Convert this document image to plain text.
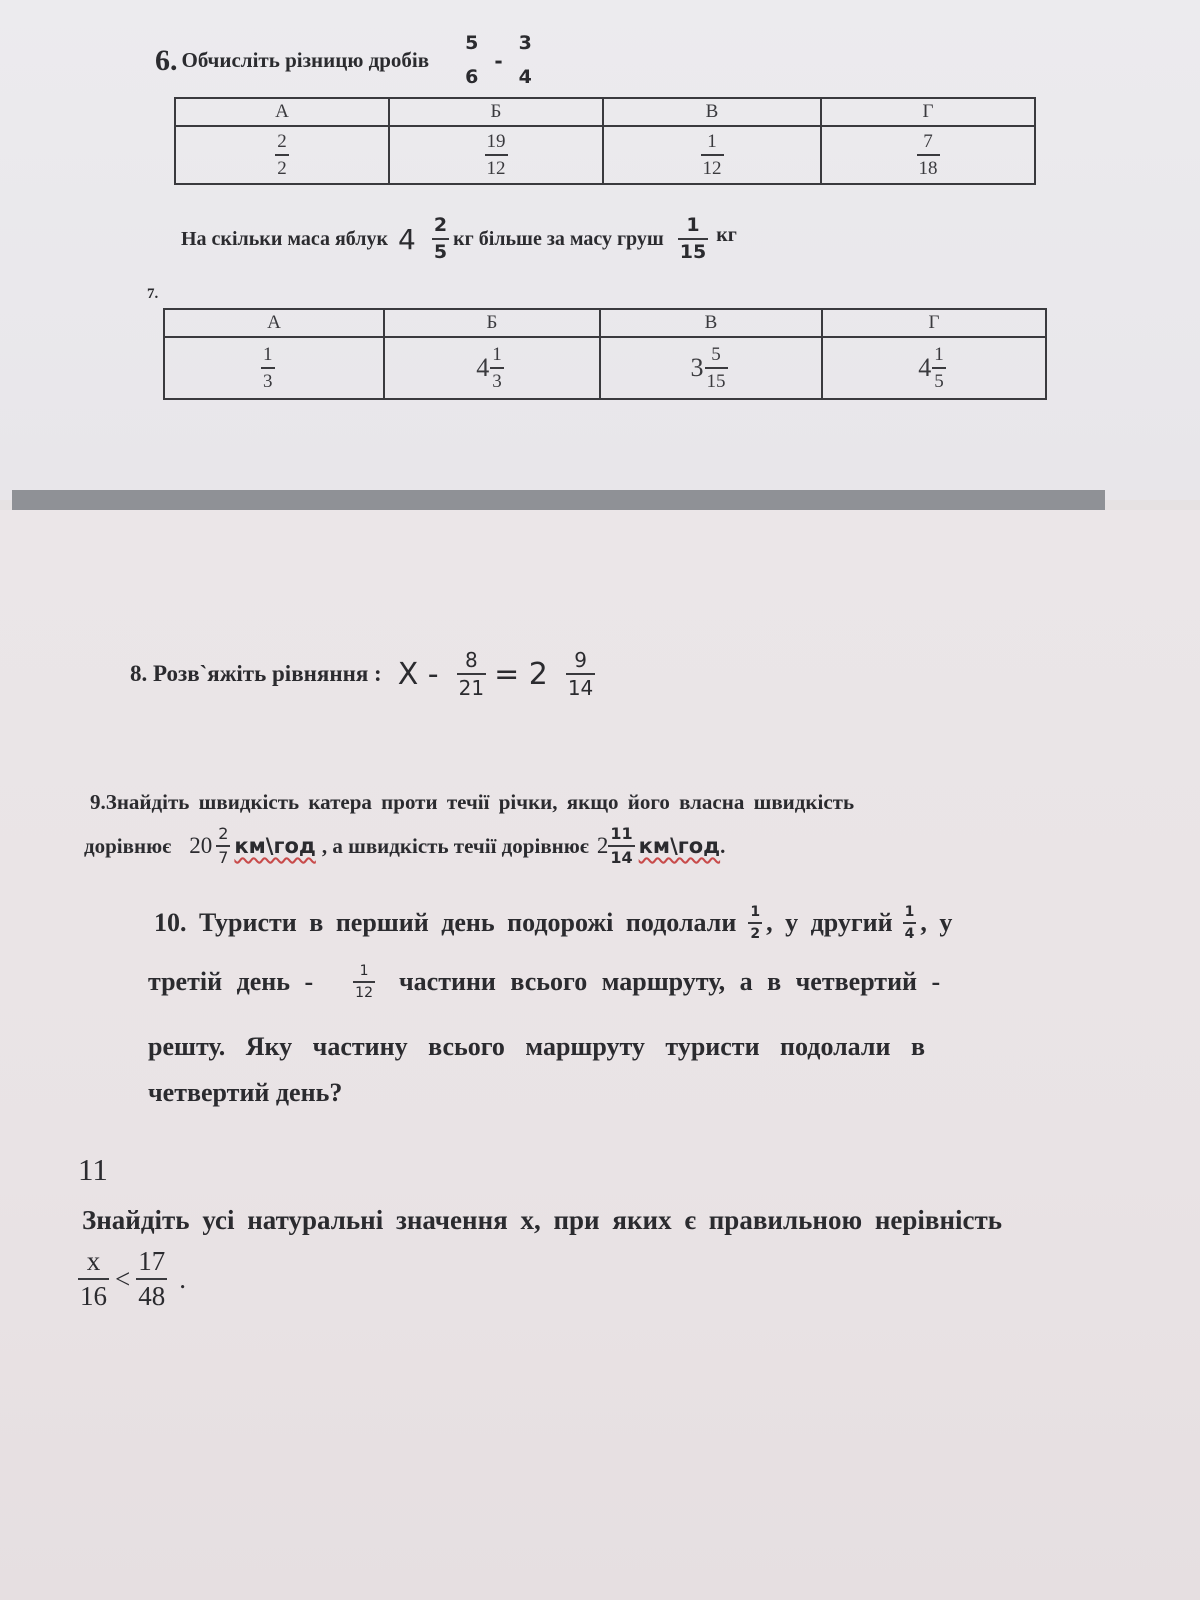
6. Обчисліть різницю дробів
5
6
-
3
4
А	Б	В	Г

$\frac{2}{2}$	$\frac{19}{12}$	$\frac{1}{12}$	$\frac{7}{18}$
На скільки маса яблук $4 \frac{2}{5}$ кг більше за масу груш $\frac{1}{15}$ кг
7.
А	Б	В	Г

$\frac{1}{3}$	$4 \frac{1}{3}$	$3 \frac{5}{15}$	$4 \frac{1}{5}$
8. Розв`яжіть рівняння : $X - \frac{8}{21} = 2 \frac{9}{14}$
9.Знайдіть швидкість катера проти течії річки, якщо його власна швидкість
дорівнює $20 \frac{2}{7}$ км\год , а швидкість течії дорівнює $2 \frac{11}{14}$ км\год .
10. Туристи в перший день подорожі подолали $\frac{1}{2}$ , у другий $\frac{1}{4}$ , у
третій день -	$\frac{1}{12}$ частини всього маршруту, а в четвертий -
решту. Яку частину всього маршруту туристи подолали в
четвертий день?
11
Знайдіть усі натуральні значення х, при яких є правильною нерівність
$\frac{x}{16} < \frac{17}{48}$ .
